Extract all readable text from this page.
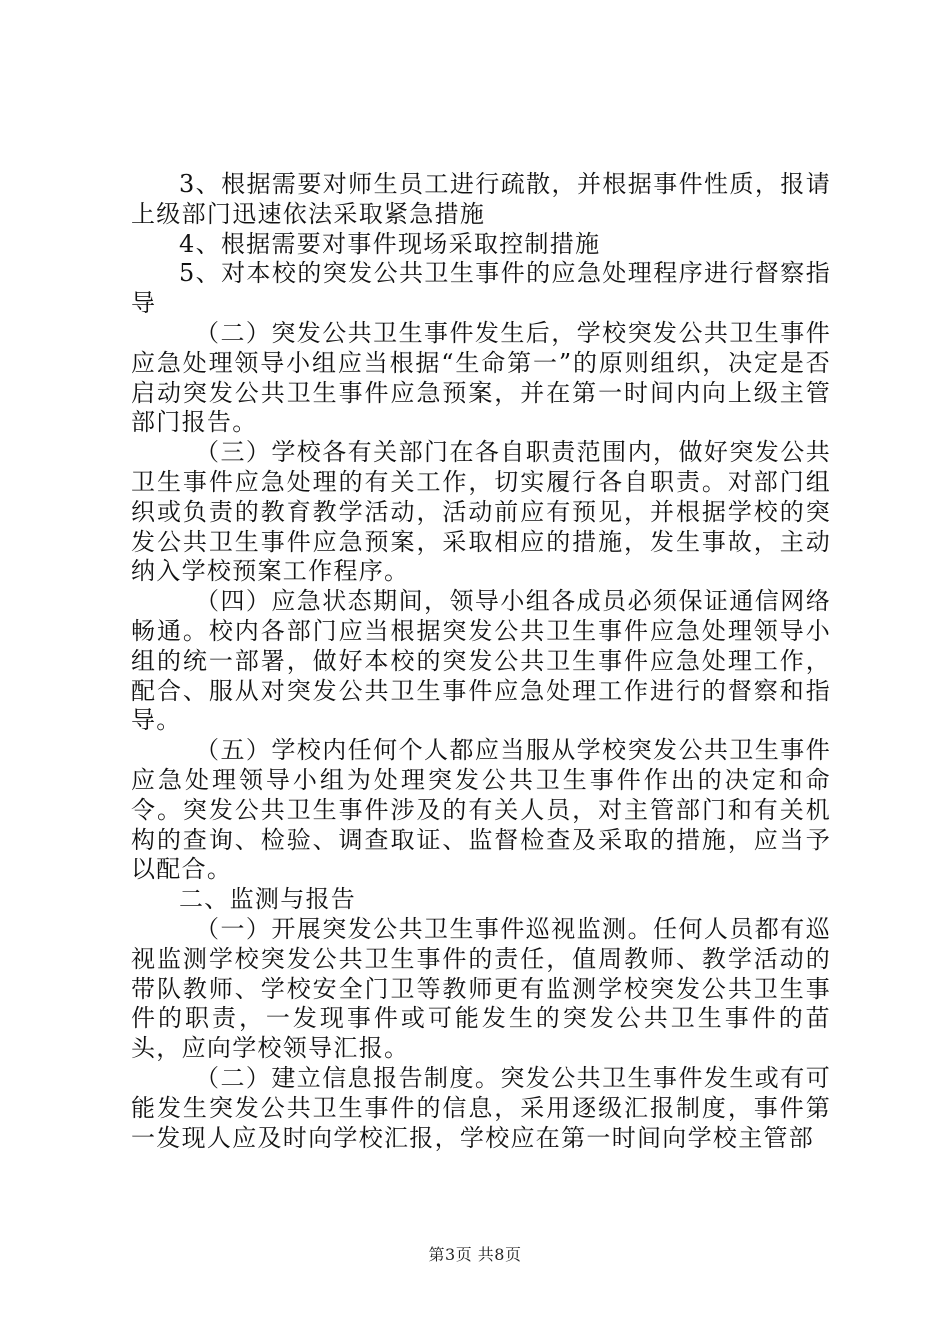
3、根据需要对师生员工进行疏散，并根据事件性质，报请上级部门迅速依法采取紧急措施

4、根据需要对事件现场采取控制措施

5、对本校的突发公共卫生事件的应急处理程序进行督察指导

（二）突发公共卫生事件发生后，学校突发公共卫生事件应急处理领导小组应当根据“生命第一”的原则组织，决定是否启动突发公共卫生事件应急预案，并在第一时间内向上级主管部门报告。

（三）学校各有关部门在各自职责范围内，做好突发公共卫生事件应急处理的有关工作，切实履行各自职责。对部门组织或负责的教育教学活动，活动前应有预见，并根据学校的突发公共卫生事件应急预案，采取相应的措施，发生事故，主动纳入学校预案工作程序。

（四）应急状态期间，领导小组各成员必须保证通信网络畅通。校内各部门应当根据突发公共卫生事件应急处理领导小组的统一部署，做好本校的突发公共卫生事件应急处理工作，配合、服从对突发公共卫生事件应急处理工作进行的督察和指导。

（五）学校内任何个人都应当服从学校突发公共卫生事件应急处理领导小组为处理突发公共卫生事件作出的决定和命令。突发公共卫生事件涉及的有关人员，对主管部门和有关机构的查询、检验、调查取证、监督检查及采取的措施，应当予以配合。

二、监测与报告

（一）开展突发公共卫生事件巡视监测。任何人员都有巡视监测学校突发公共卫生事件的责任，值周教师、教学活动的带队教师、学校安全门卫等教师更有监测学校突发公共卫生事件的职责，一发现事件或可能发生的突发公共卫生事件的苗头，应向学校领导汇报。

（二）建立信息报告制度。突发公共卫生事件发生或有可能发生突发公共卫生事件的信息，采用逐级汇报制度，事件第一发现人应及时向学校汇报，学校应在第一时间向学校主管部

第3页 共8页
